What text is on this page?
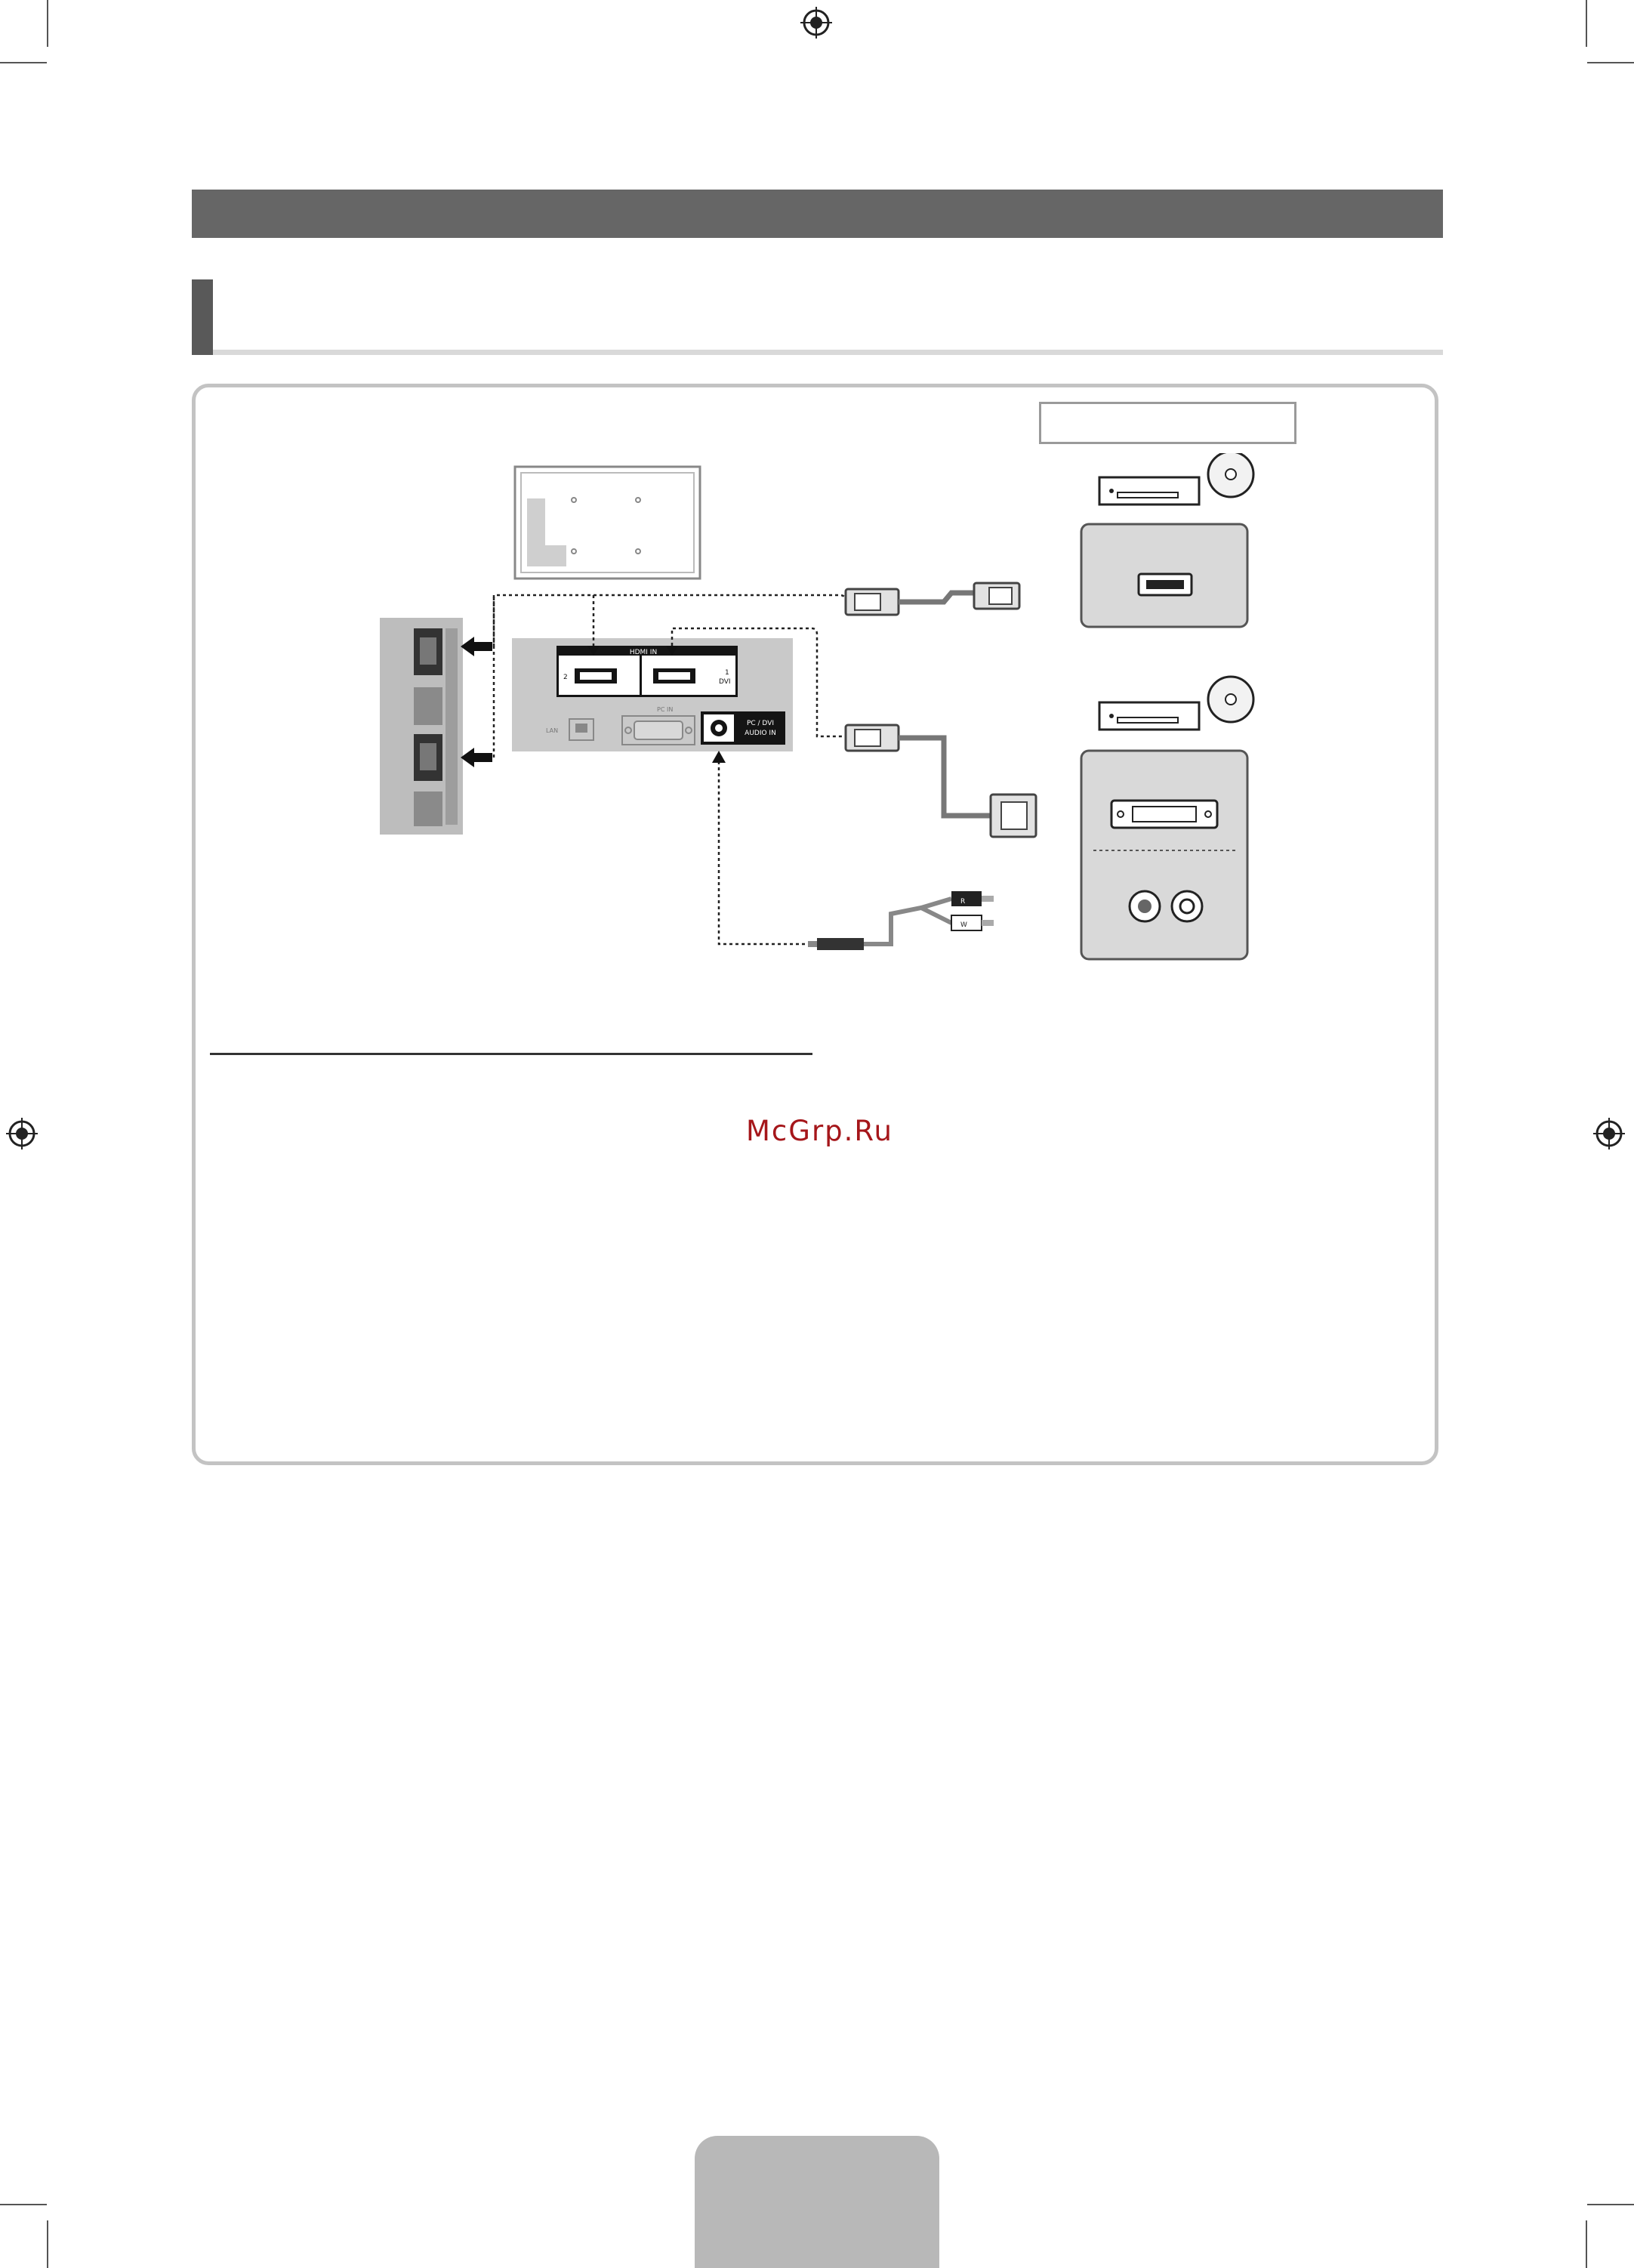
HDMI IN
2
1
DVI
LAN
PC IN
PC / DVI
AUDIO IN
R
W
McGrp.Ru
